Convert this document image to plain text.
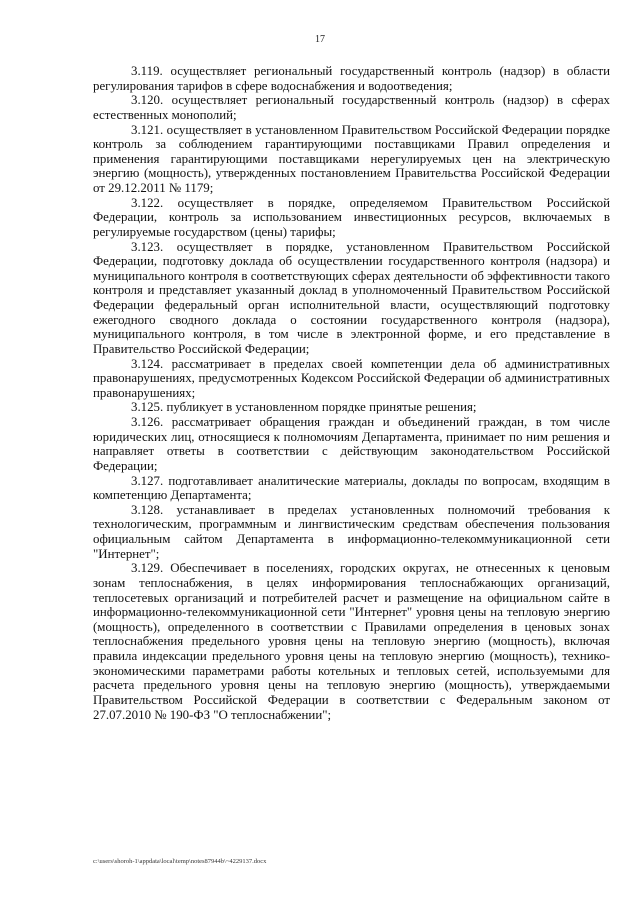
17

3.119. осуществляет региональный государственный контроль (надзор) в области регулирования тарифов в сфере водоснабжения и водоотведения;

3.120. осуществляет региональный государственный контроль (надзор) в сферах естественных монополий;

3.121. осуществляет в установленном Правительством Российской Федерации порядке контроль за соблюдением гарантирующими поставщиками Правил определения и применения гарантирующими поставщиками нерегулируемых цен на электрическую энергию (мощность), утвержденных постановлением Правительства Российской Федерации от 29.12.2011 № 1179;

3.122. осуществляет в порядке, определяемом Правительством Российской Федерации, контроль за использованием инвестиционных ресурсов, включаемых в регулируемые государством (цены) тарифы;

3.123. осуществляет в порядке, установленном Правительством Российской Федерации, подготовку доклада об осуществлении государственного контроля (надзора) и муниципального контроля в соответствующих сферах деятельности об эффективности такого контроля и представляет указанный доклад в уполномоченный Правительством Российской Федерации федеральный орган исполнительной власти, осуществляющий подготовку ежегодного сводного доклада о состоянии государственного контроля (надзора), муниципального контроля, в том числе в электронной форме, и его представление в Правительство Российской Федерации;

3.124. рассматривает в пределах своей компетенции дела об административных правонарушениях, предусмотренных Кодексом Российской Федерации об административных правонарушениях;

3.125. публикует в установленном порядке принятые решения;

3.126. рассматривает обращения граждан и объединений граждан, в том числе юридических лиц, относящиеся к полномочиям Департамента, принимает по ним решения и направляет ответы в соответствии с действующим законодательством Российской Федерации;

3.127. подготавливает аналитические материалы, доклады по вопросам, входящим в компетенцию Департамента;

3.128. устанавливает в пределах установленных полномочий требования к технологическим, программным и лингвистическим средствам обеспечения пользования официальным сайтом Департамента в информационно-телекоммуникационной сети "Интернет";

3.129. Обеспечивает в поселениях, городских округах, не отнесенных к ценовым зонам теплоснабжения, в целях информирования теплоснабжающих организаций, теплосетевых организаций и потребителей расчет и размещение на официальном сайте в информационно-телекоммуникационной сети "Интернет" уровня цены на тепловую энергию (мощность), определенного в соответствии с Правилами определения в ценовых зонах теплоснабжения предельного уровня цены на тепловую энергию (мощность), включая правила индексации предельного уровня цены на тепловую энергию (мощность), технико-экономическими параметрами работы котельных и тепловых сетей, используемыми для расчета предельного уровня цены на тепловую энергию (мощность), утверждаемыми Правительством Российской Федерации в соответствии с Федеральным законом от 27.07.2010 № 190-ФЗ "О теплоснабжении";

c:\users\shoroh-1\appdata\local\temp\notes87944b\~4229137.docx
